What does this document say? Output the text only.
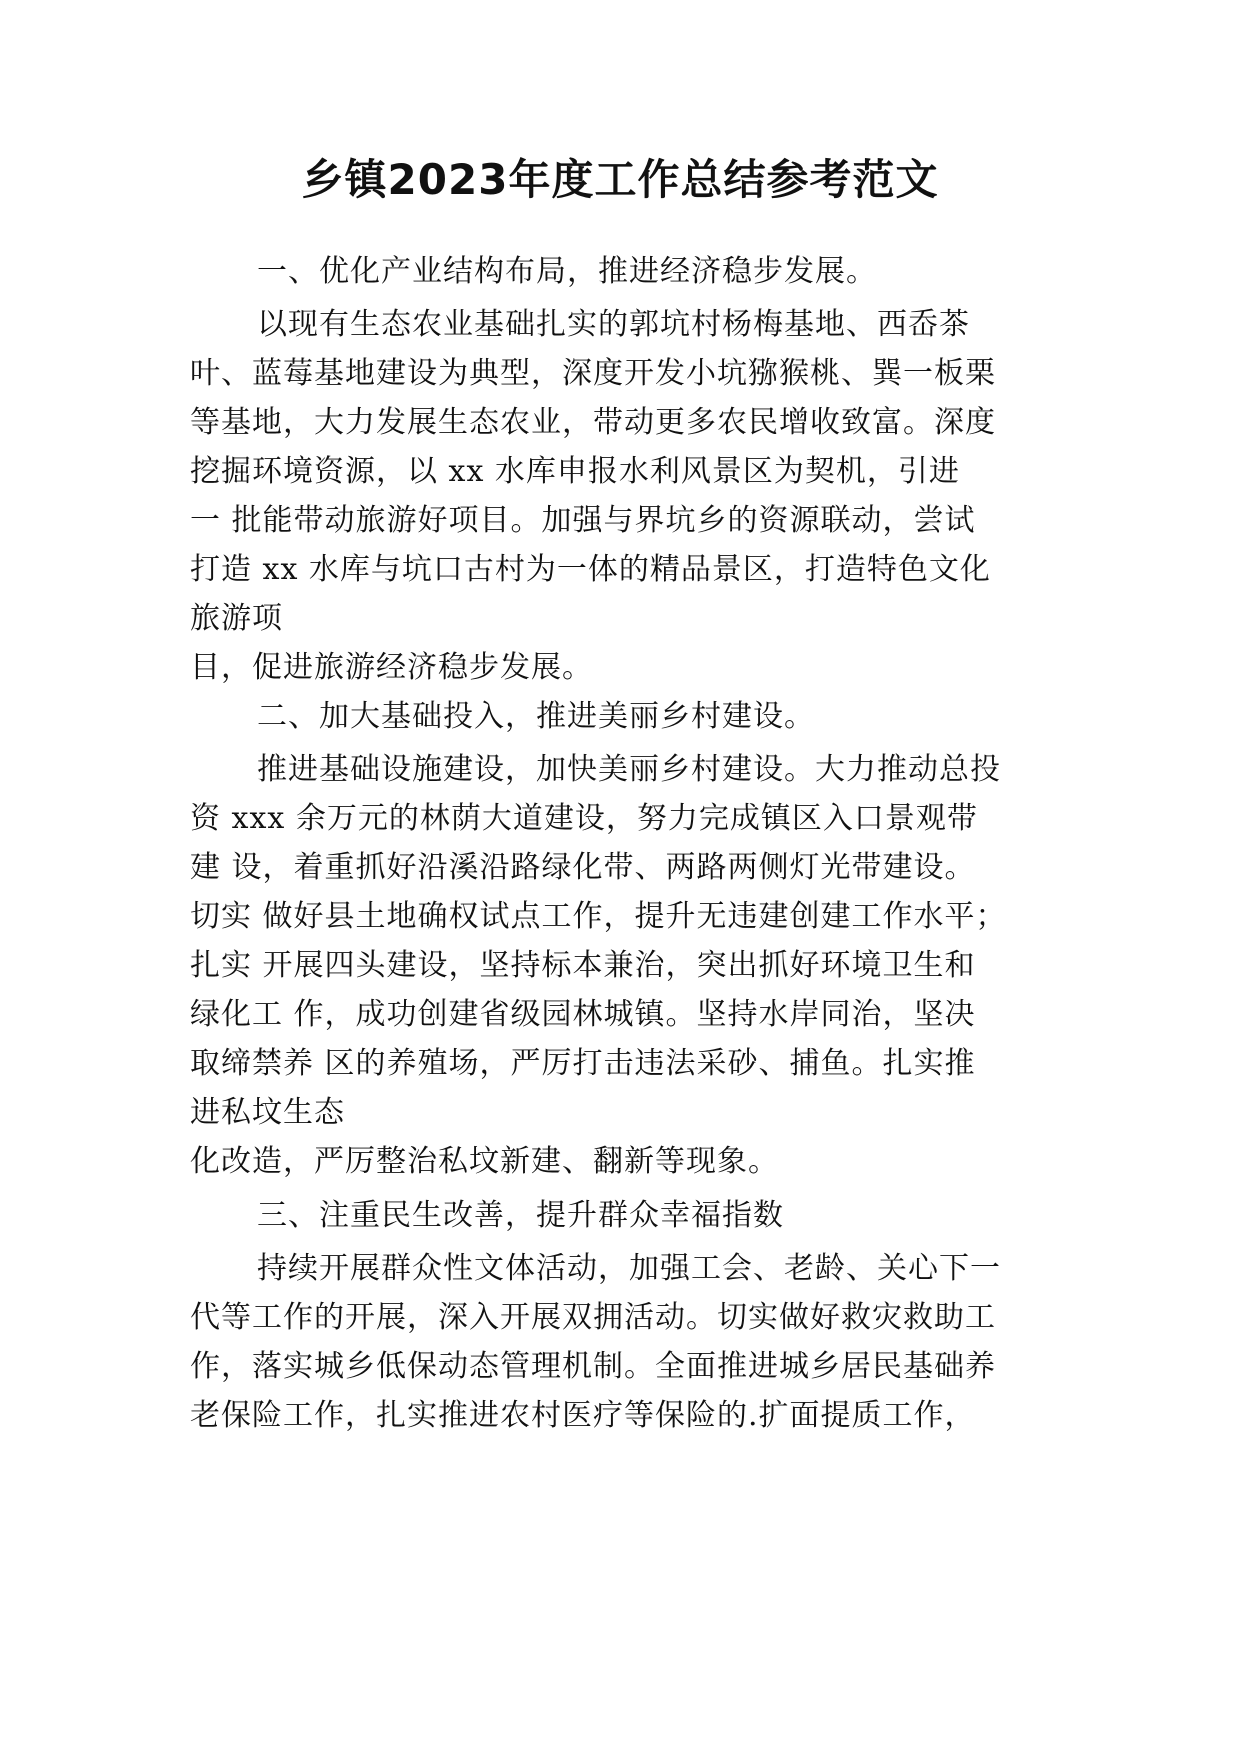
乡镇2023年度工作总结参考范文

一、优化产业结构布局，推进经济稳步发展。

以现有生态农业基础扎实的郭坑村杨梅基地、西岙茶

叶、蓝莓基地建设为典型，深度开发小坑猕猴桃、巽一板栗

等基地，大力发展生态农业，带动更多农民增收致富。深度

挖掘环境资源，以 xx 水库申报水利风景区为契机，引进

一 批能带动旅游好项目。加强与界坑乡的资源联动，尝试

打造 xx 水库与坑口古村为一体的精品景区，打造特色文化

旅游项

目，促进旅游经济稳步发展。

二、加大基础投入，推进美丽乡村建设。

推进基础设施建设，加快美丽乡村建设。大力推动总投

资 xxx 余万元的林荫大道建设，努力完成镇区入口景观带

建 设，着重抓好沿溪沿路绿化带、两路两侧灯光带建设。

切实 做好县土地确权试点工作，提升无违建创建工作水平；

扎实 开展四头建设，坚持标本兼治，突出抓好环境卫生和

绿化工 作，成功创建省级园林城镇。坚持水岸同治，坚决

取缔禁养 区的养殖场，严厉打击违法采砂、捕鱼。扎实推

进私坟生态

化改造，严厉整治私坟新建、翻新等现象。

三、注重民生改善，提升群众幸福指数

持续开展群众性文体活动，加强工会、老龄、关心下一

代等工作的开展，深入开展双拥活动。切实做好救灾救助工

作，落实城乡低保动态管理机制。全面推进城乡居民基础养

老保险工作，扎实推进农村医疗等保险的.扩面提质工作，
